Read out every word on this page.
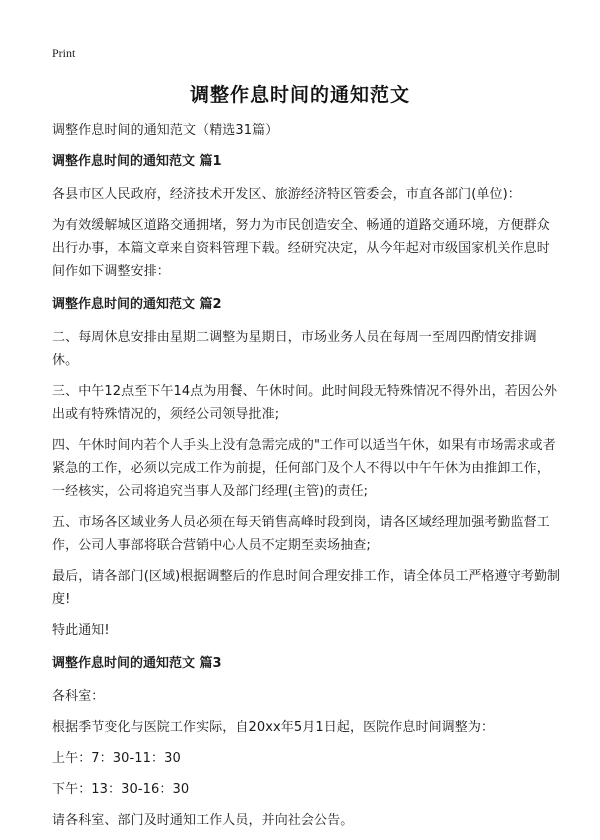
Print
调整作息时间的通知范文

调整作息时间的通知范文（精选31篇）

调整作息时间的通知范文 篇1

各县市区人民政府，经济技术开发区、旅游经济特区管委会，市直各部门(单位)：

为有效缓解城区道路交通拥堵，努力为市民创造安全、畅通的道路交通环境，方便群众出行办事，本篇文章来自资料管理下载。经研究决定，从今年起对市级国家机关作息时间作如下调整安排：

调整作息时间的通知范文 篇2

二、每周休息安排由星期二调整为星期日，市场业务人员在每周一至周四酌情安排调休。

三、中午12点至下午14点为用餐、午休时间。此时间段无特殊情况不得外出，若因公外出或有特殊情况的，须经公司领导批准;

四、午休时间内若个人手头上没有急需完成的"工作可以适当午休，如果有市场需求或者紧急的工作，必须以完成工作为前提，任何部门及个人不得以中午午休为由推卸工作，一经核实，公司将追究当事人及部门经理(主管)的责任;

五、市场各区域业务人员必须在每天销售高峰时段到岗，请各区域经理加强考勤监督工作，公司人事部将联合营销中心人员不定期至卖场抽查;

最后，请各部门(区域)根据调整后的作息时间合理安排工作，请全体员工严格遵守考勤制度!

特此通知!

调整作息时间的通知范文 篇3

各科室：

根据季节变化与医院工作实际，自20xx年5月1日起，医院作息时间调整为：

上午：7：30-11：30

下午：13：30-16：30

请各科室、部门及时通知工作人员，并向社会公告。
